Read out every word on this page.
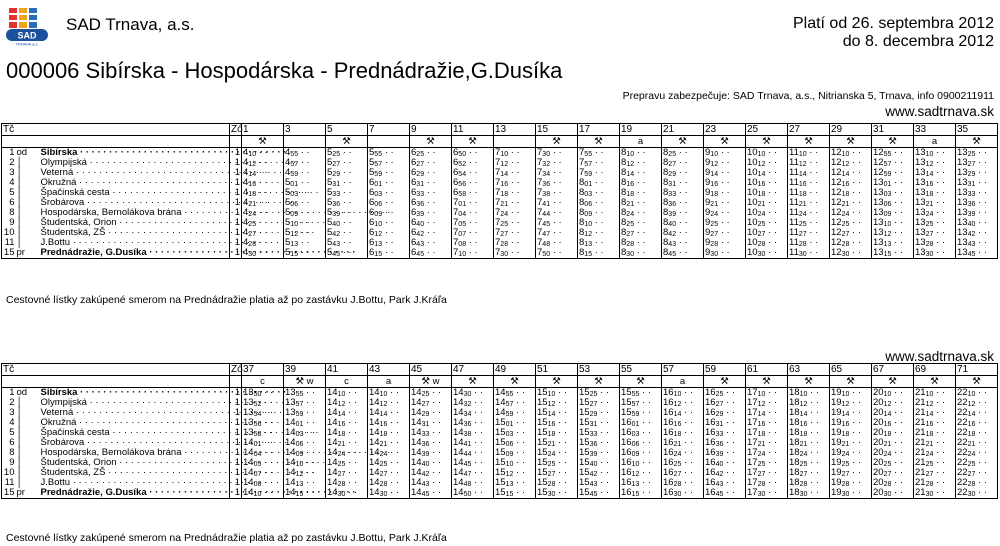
SAD
TRNAVA a.s.
SAD Trnava, a.s.	Platí od 26. septembra 2012
do 8. decembra 2012
000006 Sibírska - Hospodárska - Prednádražie,G.Dusíka
Prepravu zabezpečuje: SAD Trnava, a.s., Nitrianska 5, Trnava, info 0900211911
www.sadtrnava.sk
Tč			Zó	1	3	5	7	9	11	13	15	17	19	21	23	25	27	29	31	33	35
				⚒		⚒		⚒	⚒		⚒	⚒	a	⚒	⚒	⚒	⚒	⚒	⚒	a	⚒
1	od	Sibírska · · ·	1	$4_{10}$ · ·	$4_{55}$ · ·	$5_{25}$ · ·	$5_{55}$ · ·	$6_{25}$ · ·	$6_{50}$ · ·	$7_{10}$ · ·	$7_{30}$ · ·	$7_{55}$ · ·	$8_{10}$ · ·	$8_{25}$ · ·	$9_{10}$ · ·	$10_{10}$ · ·	$11_{10}$ · ·	$12_{10}$ · ·	$12_{55}$ · ·	$13_{10}$ · ·	$13_{25}$ · ·
2	│	Olympijská · · ·	1	$4_{12}$ · ·	$4_{57}$ · ·	$5_{27}$ · ·	$5_{57}$ · ·	$6_{27}$ · ·	$6_{52}$ · ·	$7_{12}$ · ·	$7_{32}$ · ·	$7_{57}$ · ·	$8_{12}$ · ·	$8_{27}$ · ·	$9_{12}$ · ·	$10_{12}$ · ·	$11_{12}$ · ·	$12_{12}$ · ·	$12_{57}$ · ·	$13_{12}$ · ·	$13_{27}$ · ·
3	│	Veterná · · ·	1	$4_{14}$ · ·	$4_{59}$ · ·	$5_{29}$ · ·	$5_{59}$ · ·	$6_{29}$ · ·	$6_{54}$ · ·	$7_{14}$ · ·	$7_{34}$ · ·	$7_{59}$ · ·	$8_{14}$ · ·	$8_{29}$ · ·	$9_{14}$ · ·	$10_{14}$ · ·	$11_{14}$ · ·	$12_{14}$ · ·	$12_{59}$ · ·	$13_{14}$ · ·	$13_{29}$ · ·
4	│	Okružná · · ·	1	$4_{16}$ · ·	$5_{01}$ · ·	$5_{31}$ · ·	$6_{01}$ · ·	$6_{31}$ · ·	$6_{56}$ · ·	$7_{16}$ · ·	$7_{36}$ · ·	$8_{01}$ · ·	$8_{16}$ · ·	$8_{31}$ · ·	$9_{16}$ · ·	$10_{16}$ · ·	$11_{16}$ · ·	$12_{16}$ · ·	$13_{01}$ · ·	$13_{16}$ · ·	$13_{31}$ · ·
5	│	Špačinská cesta · · ·	1	$4_{18}$ · ·	$5_{03}$ · ·	$5_{33}$ · ·	$6_{03}$ · ·	$6_{33}$ · ·	$6_{58}$ · ·	$7_{18}$ · ·	$7_{38}$ · ·	$8_{03}$ · ·	$8_{18}$ · ·	$8_{33}$ · ·	$9_{18}$ · ·	$10_{18}$ · ·	$11_{18}$ · ·	$12_{18}$ · ·	$13_{03}$ · ·	$13_{18}$ · ·	$13_{33}$ · ·
6	│	Šrobárova · · ·	1	$4_{21}$ · ·	$5_{06}$ · ·	$5_{36}$ · ·	$6_{06}$ · ·	$6_{36}$ · ·	$7_{01}$ · ·	$7_{21}$ · ·	$7_{41}$ · ·	$8_{06}$ · ·	$8_{21}$ · ·	$8_{36}$ · ·	$9_{21}$ · ·	$10_{21}$ · ·	$11_{21}$ · ·	$12_{21}$ · ·	$13_{06}$ · ·	$13_{21}$ · ·	$13_{36}$ · ·
8	│	Hospodárska, Bernolákova brána · · ·	1	$4_{24}$ · ·	$5_{09}$ · ·	$5_{39}$ · ·	$6_{09}$ · ·	$6_{39}$ · ·	$7_{04}$ · ·	$7_{24}$ · ·	$7_{44}$ · ·	$8_{09}$ · ·	$8_{24}$ · ·	$8_{39}$ · ·	$9_{24}$ · ·	$10_{24}$ · ·	$11_{24}$ · ·	$12_{24}$ · ·	$13_{09}$ · ·	$13_{24}$ · ·	$13_{39}$ · ·
9	│	Študentská, Orion · · ·	1	$4_{25}$ · ·	$5_{10}$ · ·	$5_{40}$ · ·	$6_{10}$ · ·	$6_{40}$ · ·	$7_{05}$ · ·	$7_{25}$ · ·	$7_{45}$ · ·	$8_{10}$ · ·	$8_{25}$ · ·	$8_{40}$ · ·	$9_{25}$ · ·	$10_{25}$ · ·	$11_{25}$ · ·	$12_{25}$ · ·	$13_{10}$ · ·	$13_{25}$ · ·	$13_{40}$ · ·
10	│	Študentská, ZŠ · · ·	1	$4_{27}$ · ·	$5_{12}$ · ·	$5_{42}$ · ·	$6_{12}$ · ·	$6_{42}$ · ·	$7_{07}$ · ·	$7_{27}$ · ·	$7_{47}$ · ·	$8_{12}$ · ·	$8_{27}$ · ·	$8_{42}$ · ·	$9_{27}$ · ·	$10_{27}$ · ·	$11_{27}$ · ·	$12_{27}$ · ·	$13_{12}$ · ·	$13_{27}$ · ·	$13_{42}$ · ·
11	│	J.Bottu · · ·	1	$4_{28}$ · ·	$5_{13}$ · ·	$5_{43}$ · ·	$6_{13}$ · ·	$6_{43}$ · ·	$7_{08}$ · ·	$7_{28}$ · ·	$7_{48}$ · ·	$8_{13}$ · ·	$8_{28}$ · ·	$8_{43}$ · ·	$9_{28}$ · ·	$10_{28}$ · ·	$11_{28}$ · ·	$12_{28}$ · ·	$13_{13}$ · ·	$13_{28}$ · ·	$13_{43}$ · ·
15	pr	Prednádražie, G.Dusíka · · ·	1	$4_{30}$ · ·	$5_{15}$ · ·	$5_{45}$ · ·	$6_{15}$ · ·	$6_{45}$ · ·	$7_{10}$ · ·	$7_{30}$ · ·	$7_{50}$ · ·	$8_{15}$ · ·	$8_{30}$ · ·	$8_{45}$ · ·	$9_{30}$ · ·	$10_{30}$ · ·	$11_{30}$ · ·	$12_{30}$ · ·	$13_{15}$ · ·	$13_{30}$ · ·	$13_{45}$ · ·
Cestovné lístky zakúpené smerom na Prednádražie platia až po zastávku J.Bottu, Park J.Kráľa
www.sadtrnava.sk
Tč			Zó	37	39	41	43	45	47	49	51	53	55	57	59	61	63	65	67	69	71
				c	⚒ w	c	a	⚒ w	⚒	⚒	⚒	⚒	⚒	a	⚒	⚒	⚒	⚒	⚒	⚒	⚒
1	od	Sibírska · · ·	1	$13_{50}$ · ·	$13_{55}$ · ·	$14_{10}$ · ·	$14_{10}$ · ·	$14_{25}$ · ·	$14_{30}$ · ·	$14_{55}$ · ·	$15_{10}$ · ·	$15_{25}$ · ·	$15_{55}$ · ·	$16_{10}$ · ·	$16_{25}$ · ·	$17_{10}$ · ·	$18_{10}$ · ·	$19_{10}$ · ·	$20_{10}$ · ·	$21_{10}$ · ·	$22_{10}$ · ·
2	│	Olympijská · · ·	1	$13_{52}$ · ·	$13_{57}$ · ·	$14_{12}$ · ·	$14_{12}$ · ·	$14_{27}$ · ·	$14_{32}$ · ·	$14_{57}$ · ·	$15_{12}$ · ·	$15_{27}$ · ·	$15_{57}$ · ·	$16_{12}$ · ·	$16_{27}$ · ·	$17_{12}$ · ·	$18_{12}$ · ·	$19_{12}$ · ·	$20_{12}$ · ·	$21_{12}$ · ·	$22_{12}$ · ·
3	│	Veterná · · ·	1	$13_{54}$ · ·	$13_{59}$ · ·	$14_{14}$ · ·	$14_{14}$ · ·	$14_{29}$ · ·	$14_{34}$ · ·	$14_{59}$ · ·	$15_{14}$ · ·	$15_{29}$ · ·	$15_{59}$ · ·	$16_{14}$ · ·	$16_{29}$ · ·	$17_{14}$ · ·	$18_{14}$ · ·	$19_{14}$ · ·	$20_{14}$ · ·	$21_{14}$ · ·	$22_{14}$ · ·
4	│	Okružná · · ·	1	$13_{56}$ · ·	$14_{01}$ · ·	$14_{16}$ · ·	$14_{16}$ · ·	$14_{31}$ · ·	$14_{36}$ · ·	$15_{01}$ · ·	$15_{16}$ · ·	$15_{31}$ · ·	$16_{01}$ · ·	$16_{16}$ · ·	$16_{31}$ · ·	$17_{16}$ · ·	$18_{16}$ · ·	$19_{16}$ · ·	$20_{16}$ · ·	$21_{16}$ · ·	$22_{16}$ · ·
5	│	Špačinská cesta · · ·	1	$13_{58}$ · ·	$14_{03}$ · ·	$14_{18}$ · ·	$14_{18}$ · ·	$14_{33}$ · ·	$14_{38}$ · ·	$15_{03}$ · ·	$15_{18}$ · ·	$15_{33}$ · ·	$16_{03}$ · ·	$16_{18}$ · ·	$16_{33}$ · ·	$17_{18}$ · ·	$18_{18}$ · ·	$19_{18}$ · ·	$20_{18}$ · ·	$21_{18}$ · ·	$22_{18}$ · ·
6	│	Šrobárova · · ·	1	$14_{01}$ · ·	$14_{06}$ · ·	$14_{21}$ · ·	$14_{21}$ · ·	$14_{36}$ · ·	$14_{41}$ · ·	$15_{06}$ · ·	$15_{21}$ · ·	$15_{36}$ · ·	$16_{06}$ · ·	$16_{21}$ · ·	$16_{36}$ · ·	$17_{21}$ · ·	$18_{21}$ · ·	$19_{21}$ · ·	$20_{21}$ · ·	$21_{21}$ · ·	$22_{21}$ · ·
8	│	Hospodárska, Bernolákova brána · · ·	1	$14_{04}$ · ·	$14_{09}$ · ·	$14_{24}$ · ·	$14_{24}$ · ·	$14_{39}$ · ·	$14_{44}$ · ·	$15_{09}$ · ·	$15_{24}$ · ·	$15_{39}$ · ·	$16_{09}$ · ·	$16_{24}$ · ·	$16_{39}$ · ·	$17_{24}$ · ·	$18_{24}$ · ·	$19_{24}$ · ·	$20_{24}$ · ·	$21_{24}$ · ·	$22_{24}$ · ·
9	│	Študentská, Orion · · ·	1	$14_{05}$ · ·	$14_{10}$ · ·	$14_{25}$ · ·	$14_{25}$ · ·	$14_{40}$ · ·	$14_{45}$ · ·	$15_{10}$ · ·	$15_{25}$ · ·	$15_{40}$ · ·	$16_{10}$ · ·	$16_{25}$ · ·	$16_{40}$ · ·	$17_{25}$ · ·	$18_{25}$ · ·	$19_{25}$ · ·	$20_{25}$ · ·	$21_{25}$ · ·	$22_{25}$ · ·
10	│	Študentská, ZŠ · · ·	1	$14_{07}$ · ·	$14_{12}$ · ·	$14_{27}$ · ·	$14_{27}$ · ·	$14_{42}$ · ·	$14_{47}$ · ·	$15_{12}$ · ·	$15_{27}$ · ·	$15_{42}$ · ·	$16_{12}$ · ·	$16_{27}$ · ·	$16_{42}$ · ·	$17_{27}$ · ·	$18_{27}$ · ·	$19_{27}$ · ·	$20_{27}$ · ·	$21_{27}$ · ·	$22_{27}$ · ·
11	│	J.Bottu · · ·	1	$14_{08}$ · ·	$14_{13}$ · ·	$14_{28}$ · ·	$14_{28}$ · ·	$14_{43}$ · ·	$14_{48}$ · ·	$15_{13}$ · ·	$15_{28}$ · ·	$15_{43}$ · ·	$16_{13}$ · ·	$16_{28}$ · ·	$16_{43}$ · ·	$17_{28}$ · ·	$18_{28}$ · ·	$19_{28}$ · ·	$20_{28}$ · ·	$21_{28}$ · ·	$22_{28}$ · ·
15	pr	Prednádražie, G.Dusíka · · ·	1	$14_{10}$ · ·	$14_{15}$ · ·	$14_{30}$ · ·	$14_{30}$ · ·	$14_{45}$ · ·	$14_{50}$ · ·	$15_{15}$ · ·	$15_{30}$ · ·	$15_{45}$ · ·	$16_{15}$ · ·	$16_{30}$ · ·	$16_{45}$ · ·	$17_{30}$ · ·	$18_{30}$ · ·	$19_{30}$ · ·	$20_{30}$ · ·	$21_{30}$ · ·	$22_{30}$ · ·
Cestovné lístky zakúpené smerom na Prednádražie platia až po zastávku J.Bottu, Park J.Kráľa
